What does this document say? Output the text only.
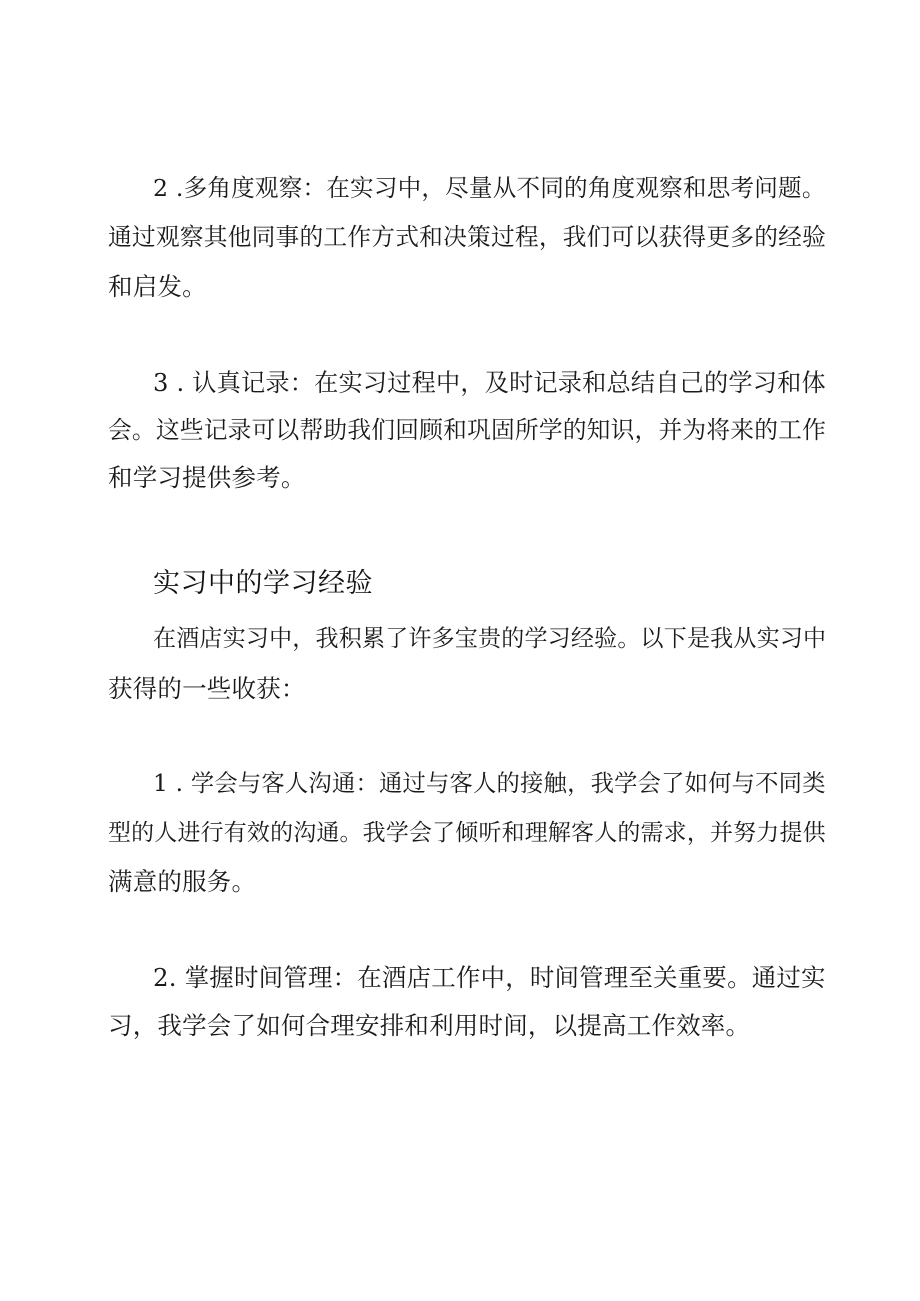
2 .多角度观察：在实习中，尽量从不同的角度观察和思考问题。
通过观察其他同事的工作方式和决策过程，我们可以获得更多的经验
和启发。
3 . 认真记录：在实习过程中，及时记录和总结自己的学习和体
会。这些记录可以帮助我们回顾和巩固所学的知识，并为将来的工作
和学习提供参考。
实习中的学习经验
在酒店实习中，我积累了许多宝贵的学习经验。以下是我从实习中
获得的一些收获：
1 . 学会与客人沟通：通过与客人的接触，我学会了如何与不同类
型的人进行有效的沟通。我学会了倾听和理解客人的需求，并努力提供
满意的服务。
2. 掌握时间管理：在酒店工作中，时间管理至关重要。通过实
习，我学会了如何合理安排和利用时间，以提高工作效率。
